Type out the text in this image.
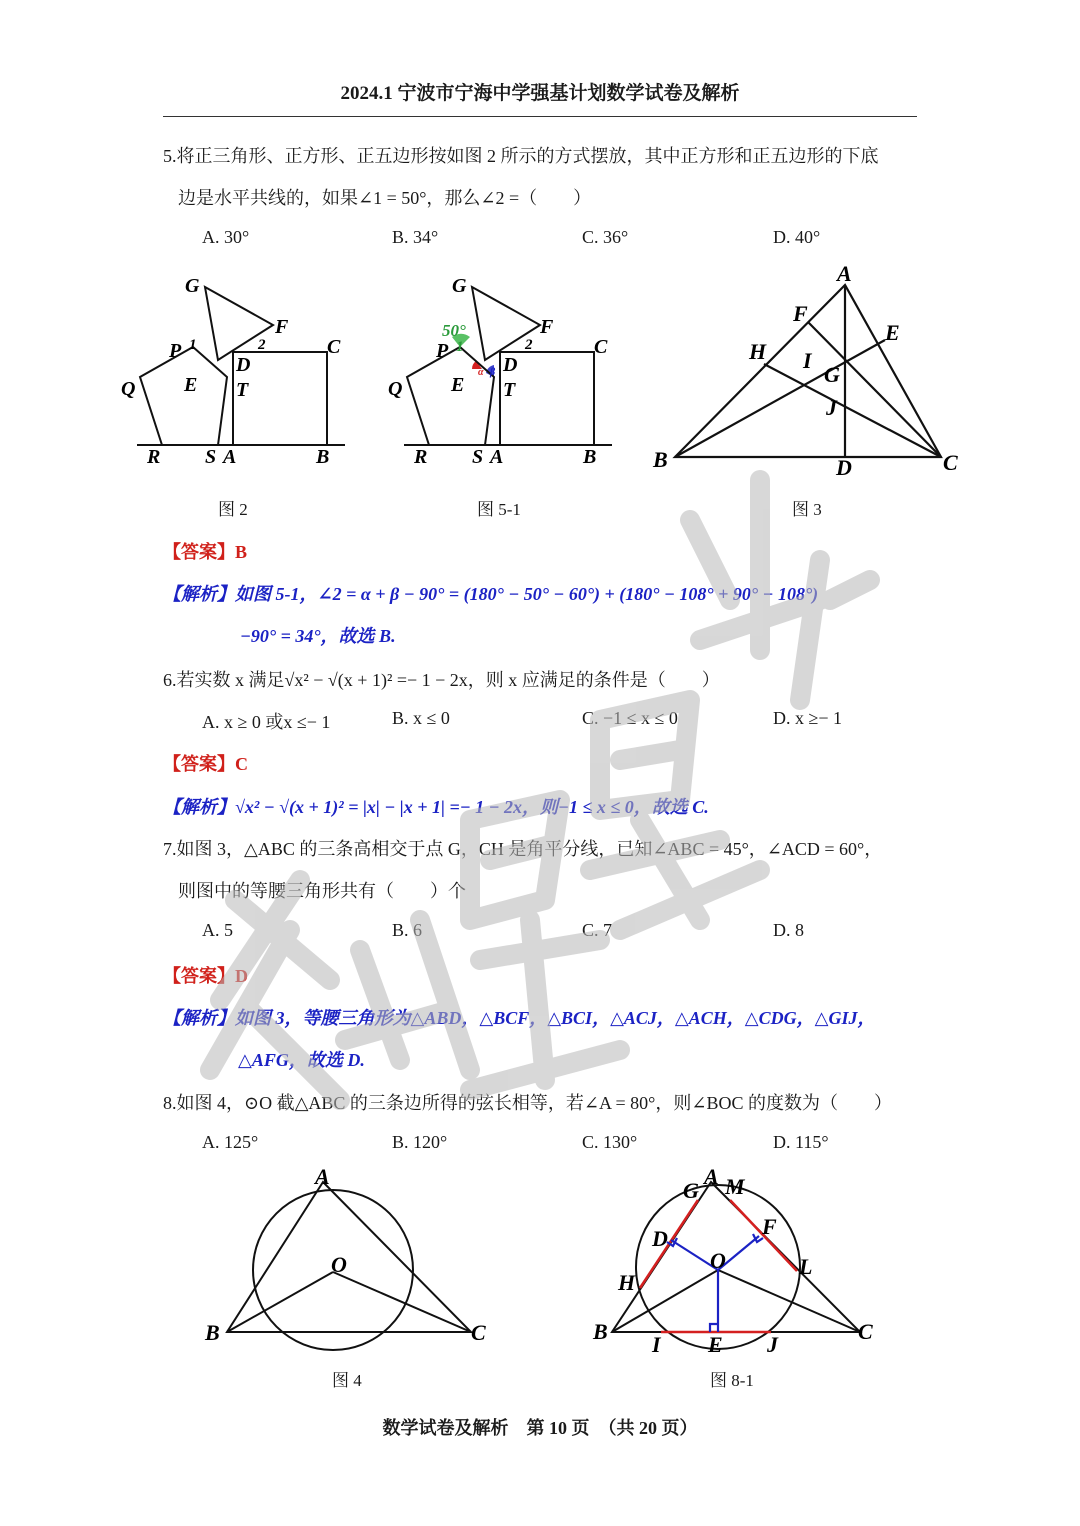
2024.1 宁波市宁海中学强基计划数学试卷及解析
5.将正三角形、正方形、正五边形按如图 2 所示的方式摆放，其中正方形和正五边形的下底
边是水平共线的，如果∠1 = 50°，那么∠2 =（　　）
A. 30°	B. 34°	C. 36°	D. 40°
G
F
P 1	2	C
D
Q E T
R S A	B
图 2
G
F
50°
1
P	2	C
D
α β
Q E T
R S A	B
图 5-1
A
F
E
H I
G
J
B	D	C
图 3
【答案】B
【解析】如图 5-1，∠2 = α + β − 90° = (180° − 50° − 60°) + (180° − 108° + 90° − 108°)
−90° = 34°，故选 B.
6.若实数 x 满足√x² − √(x + 1)² =− 1 − 2x，则 x 应满足的条件是（　　）
A. x ≥ 0 或x ≤− 1	B. x ≤ 0	C. −1 ≤ x ≤ 0	D. x ≥− 1
【答案】C
【解析】√x² − √(x + 1)² = |x| − |x + 1| =− 1 − 2x，则−1 ≤ x ≤ 0，故选 C.
7.如图 3，△ABC 的三条高相交于点 G，CH 是角平分线，已知∠ABC = 45°，∠ACD = 60°，
则图中的等腰三角形共有（　　）个
A. 5	B. 6	C. 7	D. 8
【答案】D
【解析】如图 3，等腰三角形为△ABD，△BCF，△BCI，△ACJ，△ACH，△CDG，△GIJ，
△AFG，故选 D.
8.如图 4，⊙O 截△ABC 的三条边所得的弦长相等，若∠A = 80°，则∠BOC 的度数为（　　）
A. 125°	B. 120°	C. 130°	D. 115°
A
O
B	C
图 4
G
A M
D	F
O
H
L
B
I E J
C
图 8-1
数学试卷及解析　第 10 页　（共 20 页）
